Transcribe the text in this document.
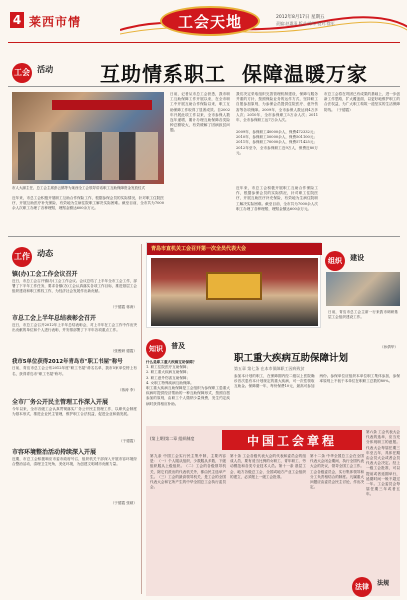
4 莱西市情	工会天地	2012年8月17日 星期五
责编:赵惠清 版式:徐军 校对:徐军
工会 $^{活动}$ 互助情系职工  保障温暖万家
市人大副主任、总工会主席彭云鹤等为莱西全工会领导讲话职工互助保障资金发放仪式
日前，记者从市总工会获悉，我市职工互助保障工作开展以来，在全市职工中开展互助合作保险以来，职工互助保障工作取得了显著成效。自2002年开展此项工作以来，全市参保人数连年递增，累计办理互助保障各类险种总额较大，有效缓解了因病致贫问题。
我们决定采取组织完善管理机制建设，保障与服务并重的方针，按照保险业务的运作方式，坚持职工自愿参加原则，为参保会员提供住院医疗、意外伤害等各项保障。2009年，全市参保人数达到4万多人次；2010年，全市参保职工5万余人次；2011年，全市参保职工达7万余人次。
2009年，参保职工40000余人，保费472332元；
2010年，参保职工50000余人，保费501100元；
2011年，参保职工70000余人，保费571425元；
2012年至今，全市参保职工近9万人，保费近80万元。
近年来，市总工会积极开展职工互助合作保险工作，根据参保会员的实际情况，针对职工住院医疗，开展互助医疗补充保险，有效地为生病住院职工解决实际困难。截至目前，全市共为7000余人次职工办理了各种理赔，理赔金额达600余万元。
市总工会将在巩固已有成果的基础上，进一步创新工作思路，扩大覆盖面，以更好地维护职工的合法权益，为广大职工构筑一道坚实的生活保障防线。（于德霞）
近年来，市总工会积极开展职工互助合作保险工作，根据参保会员的实际情况，针对职工住院医疗，开展互助医疗补充保险，有效地为生病住院职工解决实际困难。截至目前，全市共为7000余人次职工办理了各种理赔，理赔金额达600余万元。
工作 $^{动态}$
镇(办)工会工作会议召开
近日，市总工会召开镇(办)工会工作会议。会议总结了上半年全市工会工作，部署了下半年工作任务，要求各镇(办)工会认真落实各项工作目标，推进基层工会组织建设和职工维权工作，为经济社会发展作出新贡献。
（于德霞 蒋涛）
市总工会上半年总结表彰会召开
近日，市总工会召开2012年上半年总结表彰会，对上半年在工会工作中作出突出贡献的单位和个人进行表彰，并安排部署了下半年各项重点工作。
（张俊研 德霞）
我市5单位获得2012年青岛市"职工书屋"称号
日前，青岛市总工会公布2012年度"职工书屋"命名名单，我市5家单位榜上有名，获得青岛市"职工书屋"称号。
（蒋涛 李）
全市厂务公开民主管理工作深入开展
今年以来，全市各级工会认真贯彻落实厂务公开民主管理工作，以职代会制度为基本形式，推进企业民主管理，维护职工合法权益，促进企业和谐发展。
（于德霞）
市容环境整治活动持续深入开展
近期，市总工会积极响应市委市政府号召，组织机关干部深入开展市容环境综合整治活动，清理卫生死角，美化环境，为创建文明城市贡献力量。
（于德霞 张硕）
青岛市直机关工会召开第一次全员代表大会
组织 $^{建设}$
日前，青岛市总工会主席一行来我市调研基层工会组织建设工作。
（孙倩华）
知识 $^{普及}$
什么是职工重大疾病互助保障？
1. 职工住院医疗互助保障；
2. 职工重大疾病互助保障；
3. 职工意外伤害互助保障；
4. 女职工特殊疾病互助保障。
职工重大疾病互助保障是工会组织为参保职工患重大疾病时提供经济帮助的一种互助保障形式，按照自愿参加的原则，由职工个人缴纳少量保费，发生约定疾病时获得相应补助。
职工重大疾病互助保障计划
第五章 第七条 在本市保障职工因病致贫
参加本计划的职工，在保障期内经二级以上医院确诊首次患有本计划规定的重大疾病，可一次性领取互助金。保障期一年，每份保费10元，最高可参加两份。参保单位应组织本单位职工集体参加，参保率原则上不低于本单位在职职工总数的80%。
中国工会章程
(第上期)第二章 组织制度
第九条 中国工会实行民主集中制，主要内容是：（一）个人服从组织，少数服从多数，下级组织服从上级组织。（二）工会的各级领导机关，除它们派出的代表机关外，都由民主选举产生。（三）工会的最高领导机关，是工会的全国代表大会和它所产生的中华全国总工会执行委员会。
第十条 工会各级代表大会的代表和委员会的组成人员，要有适当比例的女职工、青年职工、劳动模范和各类专业技术人员。第十一条 基层工会、地方各级总工会、全国或地方产业工会组织的建立，必须报上一级工会批准。
第十二条 中华全国总工会在全国代表大会闭会期间，执行全国代表大会的决议，领导全国工会工作。工会各级委员会，实行集体领导和分工负责相结合的制度。凡属重大问题应由委员会民主讨论，作出决定。
第六条 工会代表大会代表的选举，应当充分体现职工的意愿。代表大会每届任期三年至五年，具体任期由会员大会或者会员代表大会决定。经上一级工会批准，可以提前或者延期举行，延期时间一般不超过一年。工会委员会每届任期三年或者五年。
法律 $^{法规}$
